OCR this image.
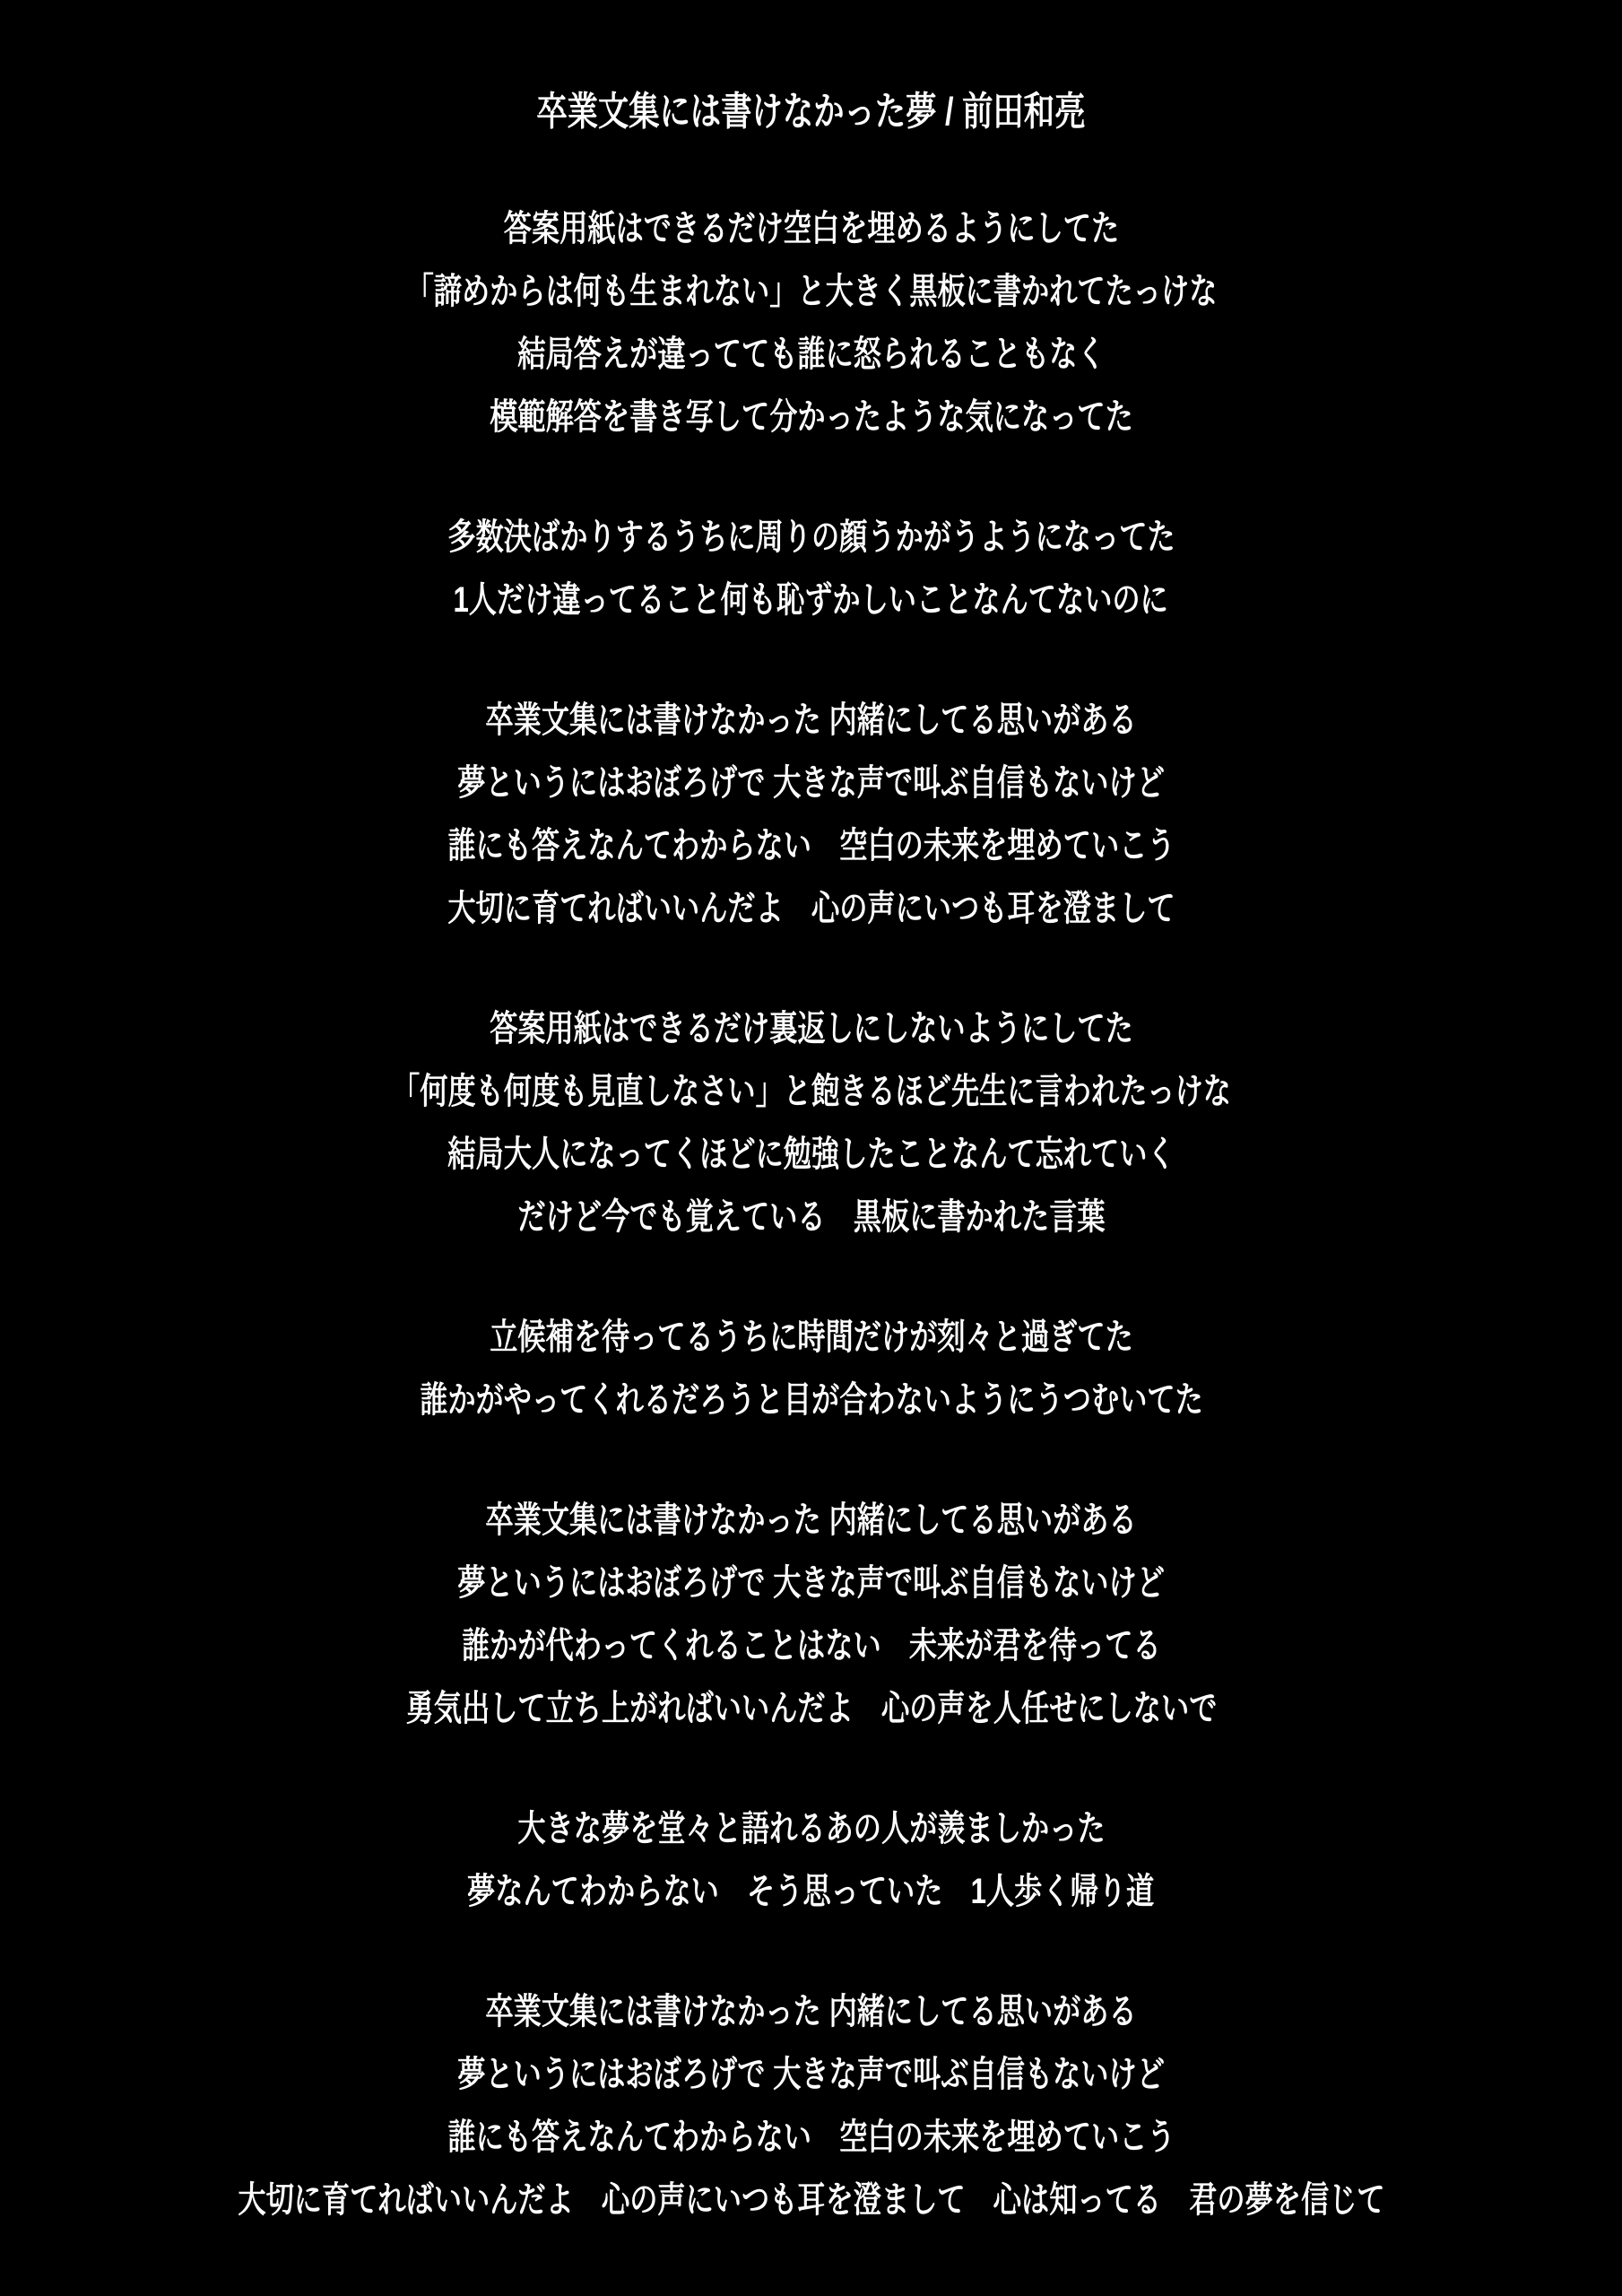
卒業文集には書けなかった夢 / 前田和亮
答案用紙はできるだけ空白を埋めるようにしてた
「諦めからは何も生まれない」と大きく黒板に書かれてたっけな
結局答えが違ってても誰に怒られることもなく
模範解答を書き写して分かったような気になってた
多数決ばかりするうちに周りの顔うかがうようになってた
1人だけ違ってること何も恥ずかしいことなんてないのに
卒業文集には書けなかった 内緒にしてる思いがある
夢というにはおぼろげで 大きな声で叫ぶ自信もないけど
誰にも答えなんてわからない　空白の未来を埋めていこう
大切に育てればいいんだよ　心の声にいつも耳を澄まして
答案用紙はできるだけ裏返しにしないようにしてた
「何度も何度も見直しなさい」と飽きるほど先生に言われたっけな
結局大人になってくほどに勉強したことなんて忘れていく
だけど今でも覚えている　黒板に書かれた言葉
立候補を待ってるうちに時間だけが刻々と過ぎてた
誰かがやってくれるだろうと目が合わないようにうつむいてた
卒業文集には書けなかった 内緒にしてる思いがある
夢というにはおぼろげで 大きな声で叫ぶ自信もないけど
誰かが代わってくれることはない　未来が君を待ってる
勇気出して立ち上がればいいんだよ　心の声を人任せにしないで
大きな夢を堂々と語れるあの人が羨ましかった
夢なんてわからない　そう思っていた　1人歩く帰り道
卒業文集には書けなかった 内緒にしてる思いがある
夢というにはおぼろげで 大きな声で叫ぶ自信もないけど
誰にも答えなんてわからない　空白の未来を埋めていこう
大切に育てればいいんだよ　心の声にいつも耳を澄まして　心は知ってる　君の夢を信じて
